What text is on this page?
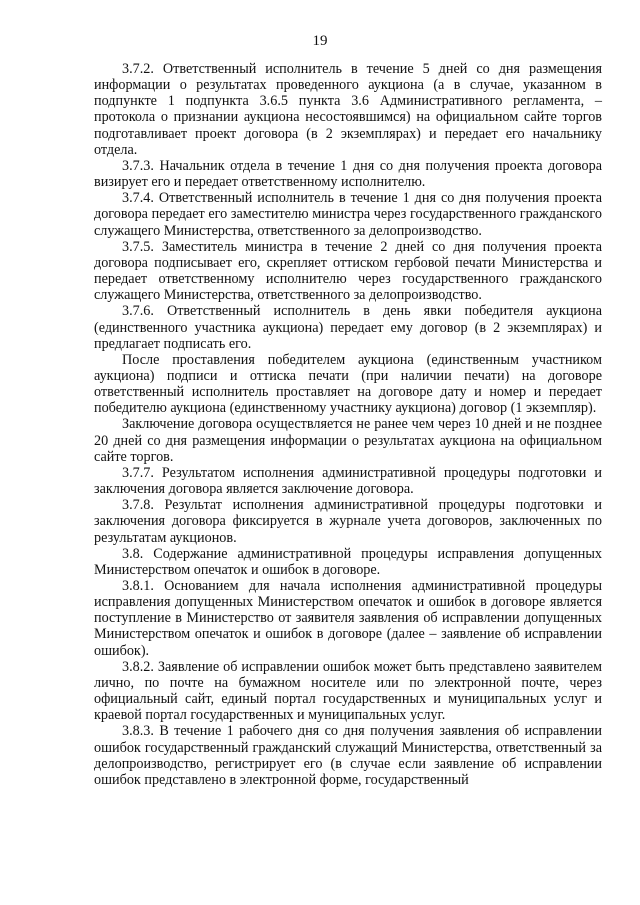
19

3.7.2. Ответственный исполнитель в течение 5 дней со дня размещения информации о результатах проведенного аукциона (а в случае, указанном в подпункте 1 подпункта 3.6.5 пункта 3.6 Административного регламента, – протокола о признании аукциона несостоявшимся) на официальном сайте торгов подготавливает проект договора (в 2 экземплярах) и передает его начальнику отдела.

3.7.3. Начальник отдела в течение 1 дня со дня получения проекта договора визирует его и передает ответственному исполнителю.

3.7.4. Ответственный исполнитель в течение 1 дня со дня получения проекта договора передает его заместителю министра через государственного гражданского служащего Министерства, ответственного за делопроизводство.

3.7.5. Заместитель министра в течение 2 дней со дня получения проекта договора подписывает его, скрепляет оттиском гербовой печати Министерства и передает ответственному исполнителю через государственного гражданского служащего Министерства, ответственного за делопроизводство.

3.7.6. Ответственный исполнитель в день явки победителя аукциона (единственного участника аукциона) передает ему договор (в 2 экземплярах) и предлагает подписать его.

После проставления победителем аукциона (единственным участником аукциона) подписи и оттиска печати (при наличии печати) на договоре ответственный исполнитель проставляет на договоре дату и номер и передает победителю аукциона (единственному участнику аукциона) договор (1 экземпляр).

Заключение договора осуществляется не ранее чем через 10 дней и не позднее 20 дней со дня размещения информации о результатах аукциона на официальном сайте торгов.

3.7.7. Результатом исполнения административной процедуры подготовки и заключения договора является заключение договора.

3.7.8. Результат исполнения административной процедуры подготовки и заключения договора фиксируется в журнале учета договоров, заключенных по результатам аукционов.

3.8. Содержание административной процедуры исправления допущенных Министерством опечаток и ошибок в договоре.

3.8.1. Основанием для начала исполнения административной процедуры исправления допущенных Министерством опечаток и ошибок в договоре является поступление в Министерство от заявителя заявления об исправлении допущенных Министерством опечаток и ошибок в договоре (далее – заявление об исправлении ошибок).

3.8.2. Заявление об исправлении ошибок может быть представлено заявителем лично, по почте на бумажном носителе или по электронной почте, через официальный сайт, единый портал государственных и муниципальных услуг и краевой портал государственных и муниципальных услуг.

3.8.3. В течение 1 рабочего дня со дня получения заявления об исправлении ошибок государственный гражданский служащий Министерства, ответственный за делопроизводство, регистрирует его (в случае если заявление об исправлении ошибок представлено в электронной форме, государственный
